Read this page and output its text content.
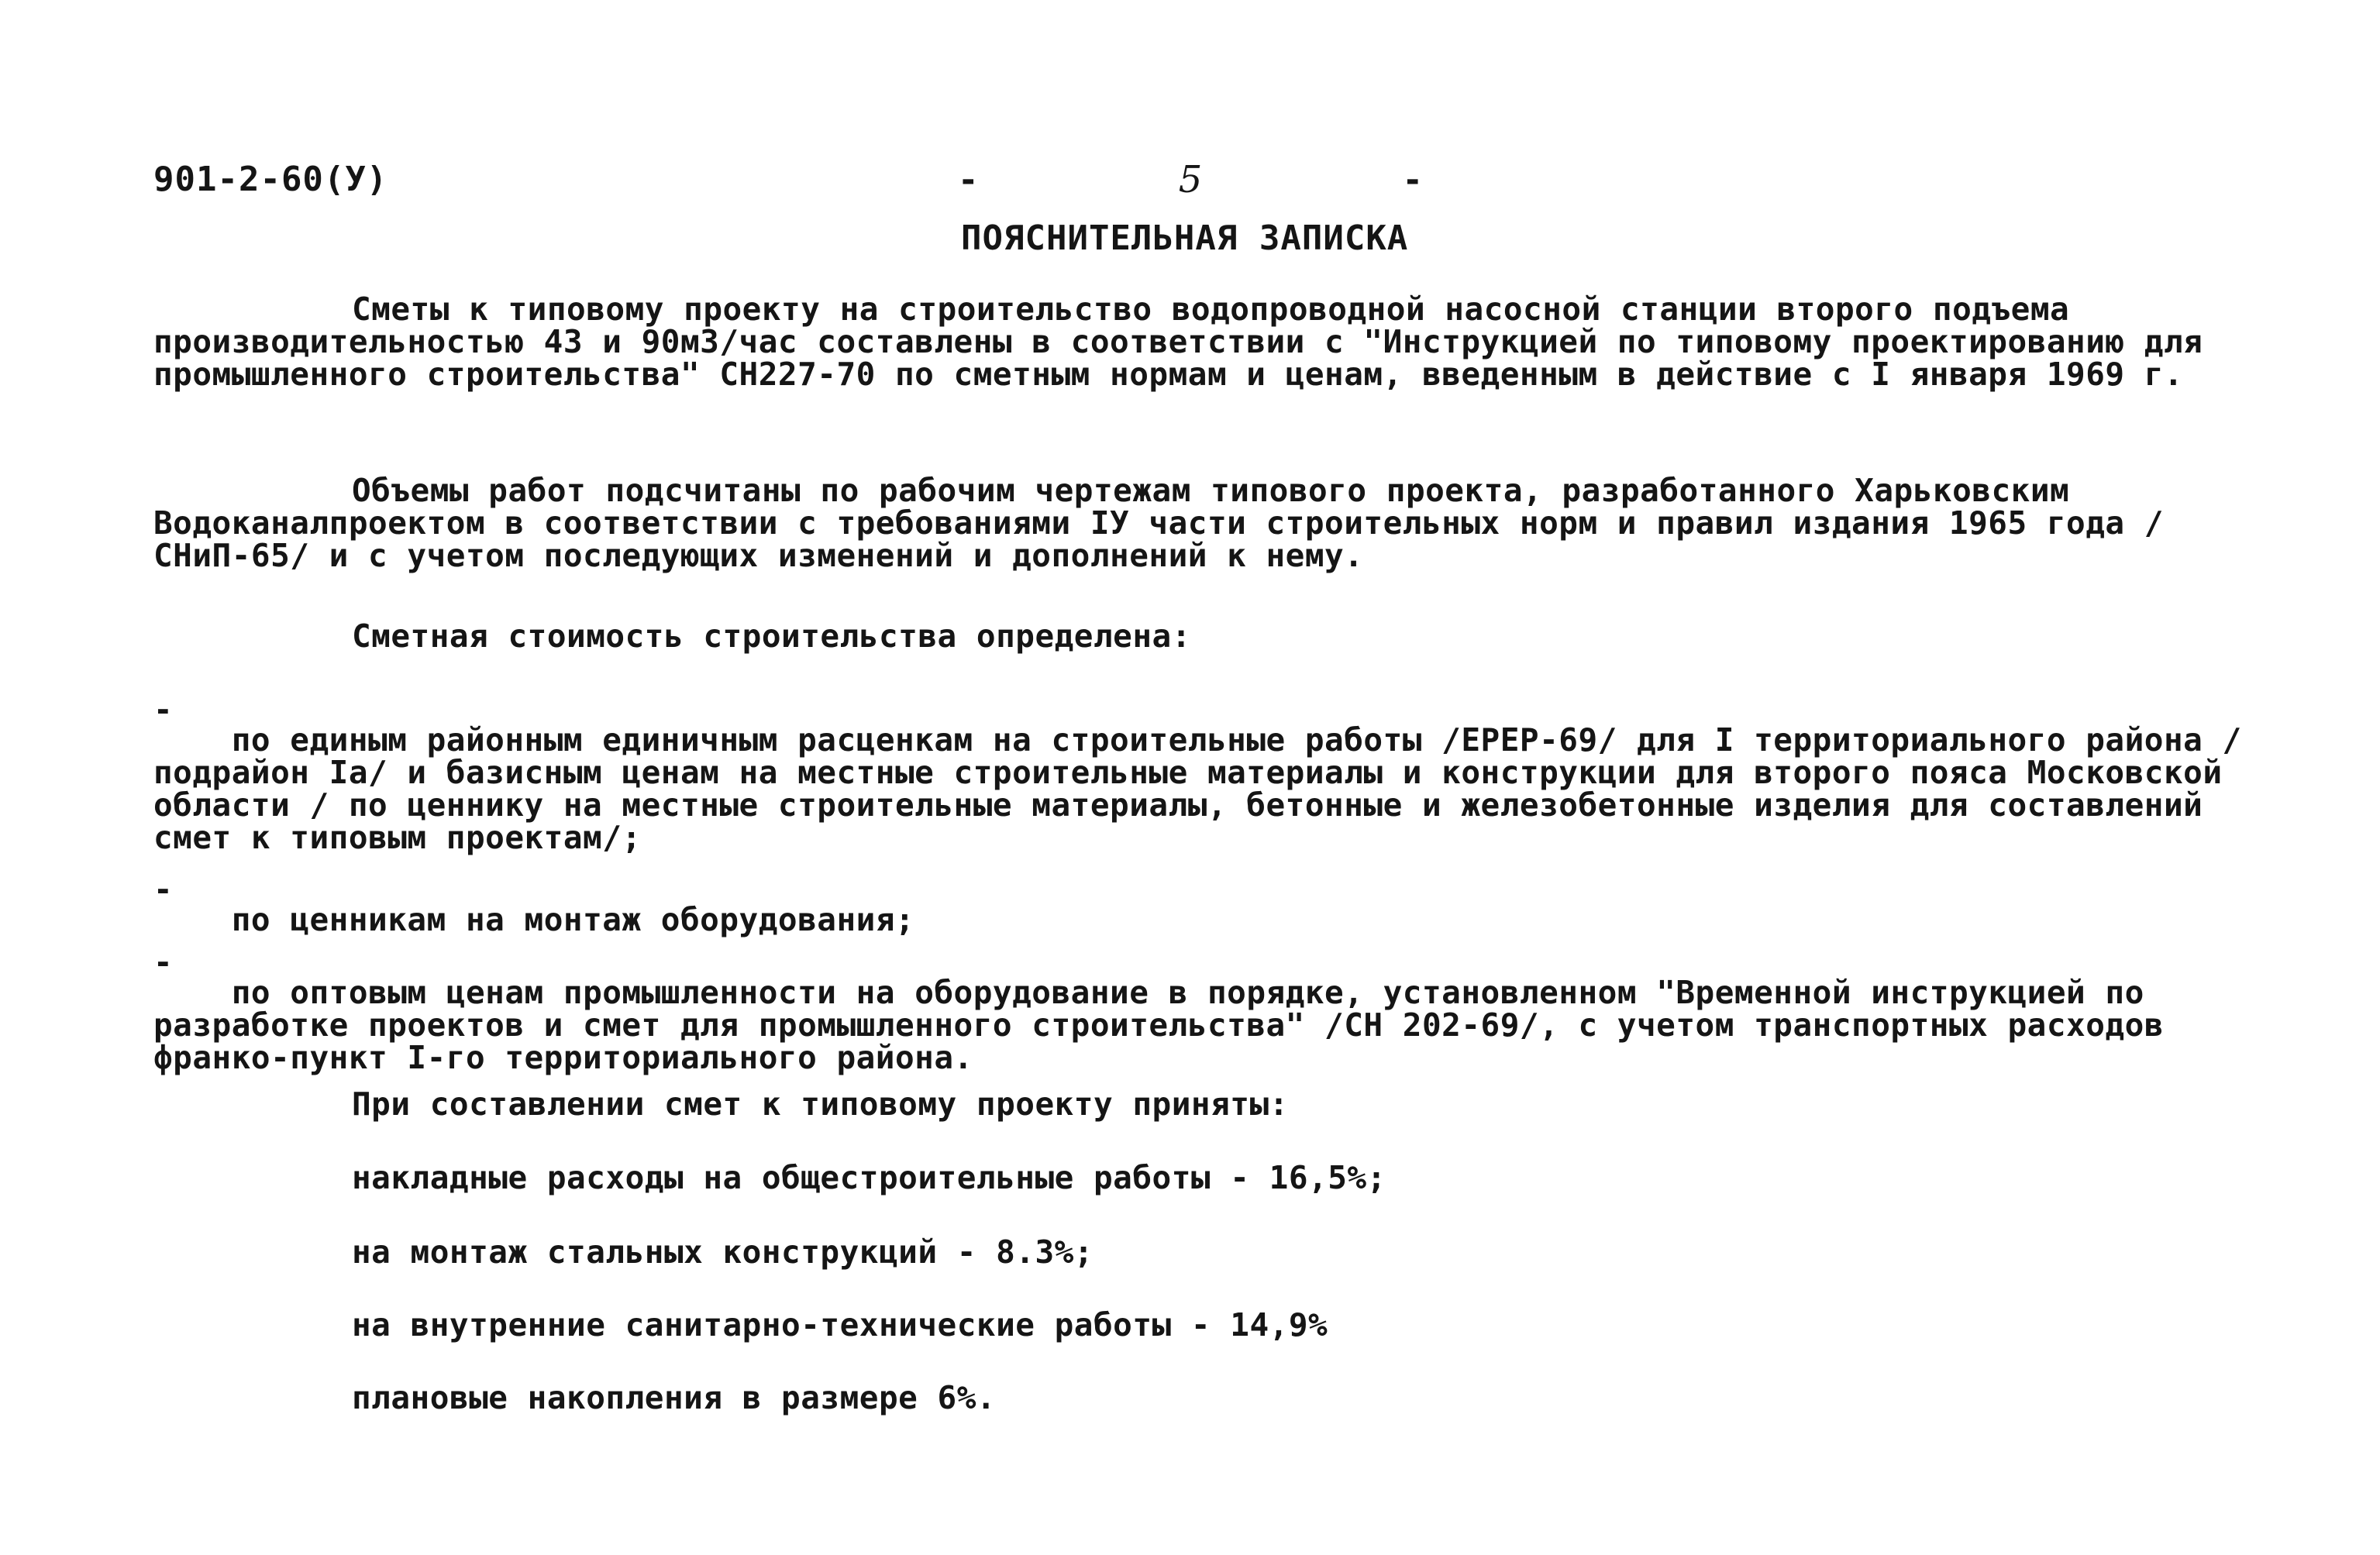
901-2-60(У)	-	5	-
ПОЯСНИТЕЛЬНАЯ ЗАПИСКА
Сметы к типовому проекту на строительство водопроводной насосной станции второго подъема производительностью 43 и 90м3/час составлены в соответствии с "Инструкцией по типовому проектированию для промышленного строительства" СН227-70 по сметным нормам и ценам, введенным в действие с I января 1969 г.
Объемы работ подсчитаны по рабочим чертежам типового проекта, разработанного Харьковским Водоканалпроектом в соответствии с требованиями IУ части строительных норм и правил издания 1965 года /СНиП-65/ и с учетом последующих изменений и дополнений к нему.
Сметная стоимость строительства определена:

по единым районным единичным расценкам на строительные работы /ЕРЕР-69/ для I территориального района /подрайон Iа/ и базисным ценам на местные строительные материалы и конструкции для второго пояса Московской области / по ценнику на местные строительные материалы, бетонные и железобетонные изделия для составлений смет к типовым проектам/;

-

по ценникам на монтаж оборудования;

-

по оптовым ценам промышленности на оборудование в порядке, установленном "Временной инструкцией по разработке проектов и смет для промышленного строительства" /СН 202-69/, с учетом транспортных расходов франко-пункт I-го территориального района.

-
При составлении смет к типовому проекту приняты:
накладные расходы на общестроительные работы - 16,5%;
на монтаж стальных конструкций - 8.3%;
на внутренние санитарно-технические работы - 14,9%
плановые накопления в размере 6%.
